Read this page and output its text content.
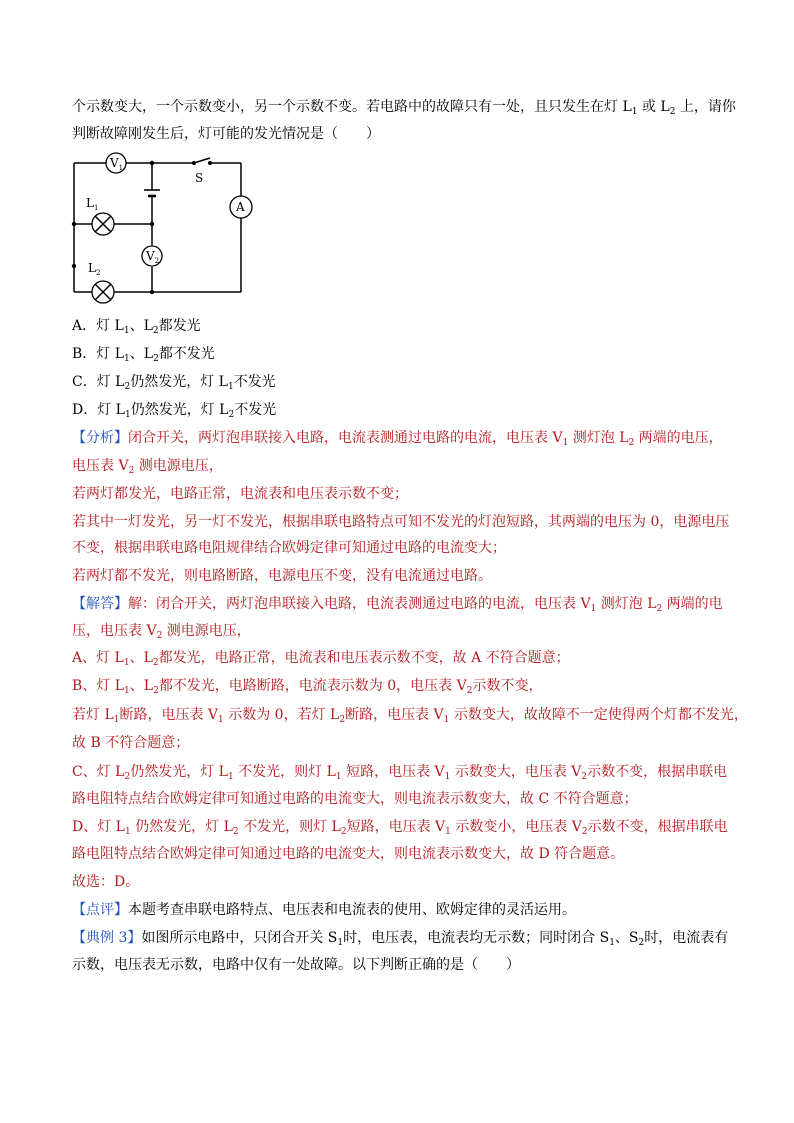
个示数变大，一个示数变小，另一个示数不变。若电路中的故障只有一处，且只发生在灯 $L_1$ 或 $L_2$ 上，请你
判断故障刚发生后，灯可能的发光情况是（　　）
$V_1$
$V_2$
A
S
$L_1$
$L_2$
A．灯 $L_1$、$L_2$都发光
B．灯 $L_1$、$L_2$都不发光
C．灯 $L_2$仍然发光，灯 $L_1$不发光
D．灯 $L_1$仍然发光，灯 $L_2$不发光
【分析】闭合开关，两灯泡串联接入电路，电流表测通过电路的电流，电压表 $V_1$ 测灯泡 $L_2$ 两端的电压，
电压表 $V_2$ 测电源电压，
若两灯都发光，电路正常，电流表和电压表示数不变；
若其中一灯发光，另一灯不发光，根据串联电路特点可知不发光的灯泡短路，其两端的电压为 0，电源电压
不变，根据串联电路电阻规律结合欧姆定律可知通过电路的电流变大；
若两灯都不发光，则电路断路，电源电压不变，没有电流通过电路。
【解答】解：闭合开关，两灯泡串联接入电路，电流表测通过电路的电流，电压表 $V_1$ 测灯泡 $L_2$ 两端的电
压，电压表 $V_2$ 测电源电压，
A、灯 $L_1$、$L_2$都发光，电路正常，电流表和电压表示数不变，故 A 不符合题意；
B、灯 $L_1$、$L_2$都不发光，电路断路，电流表示数为 0，电压表 $V_2$示数不变，
若灯 $L_1$断路，电压表 $V_1$ 示数为 0，若灯 $L_2$断路，电压表 $V_1$ 示数变大，故故障不一定使得两个灯都不发光，
故 B 不符合题意；
C、灯 $L_2$仍然发光，灯 $L_1$ 不发光，则灯 $L_1$ 短路，电压表 $V_1$ 示数变大，电压表 $V_2$示数不变，根据串联电
路电阻特点结合欧姆定律可知通过电路的电流变大，则电流表示数变大，故 C 不符合题意；
D、灯 $L_1$ 仍然发光，灯 $L_2$ 不发光，则灯 $L_2$短路，电压表 $V_1$ 示数变小，电压表 $V_2$示数不变，根据串联电
路电阻特点结合欧姆定律可知通过电路的电流变大，则电流表示数变大，故 D 符合题意。
故选：D。
【点评】本题考查串联电路特点、电压表和电流表的使用、欧姆定律的灵活运用。
【典例 3】如图所示电路中，只闭合开关 $S_1$时，电压表，电流表均无示数；同时闭合 $S_1$、$S_2$时，电流表有
示数，电压表无示数，电路中仅有一处故障。以下判断正确的是（　　）
